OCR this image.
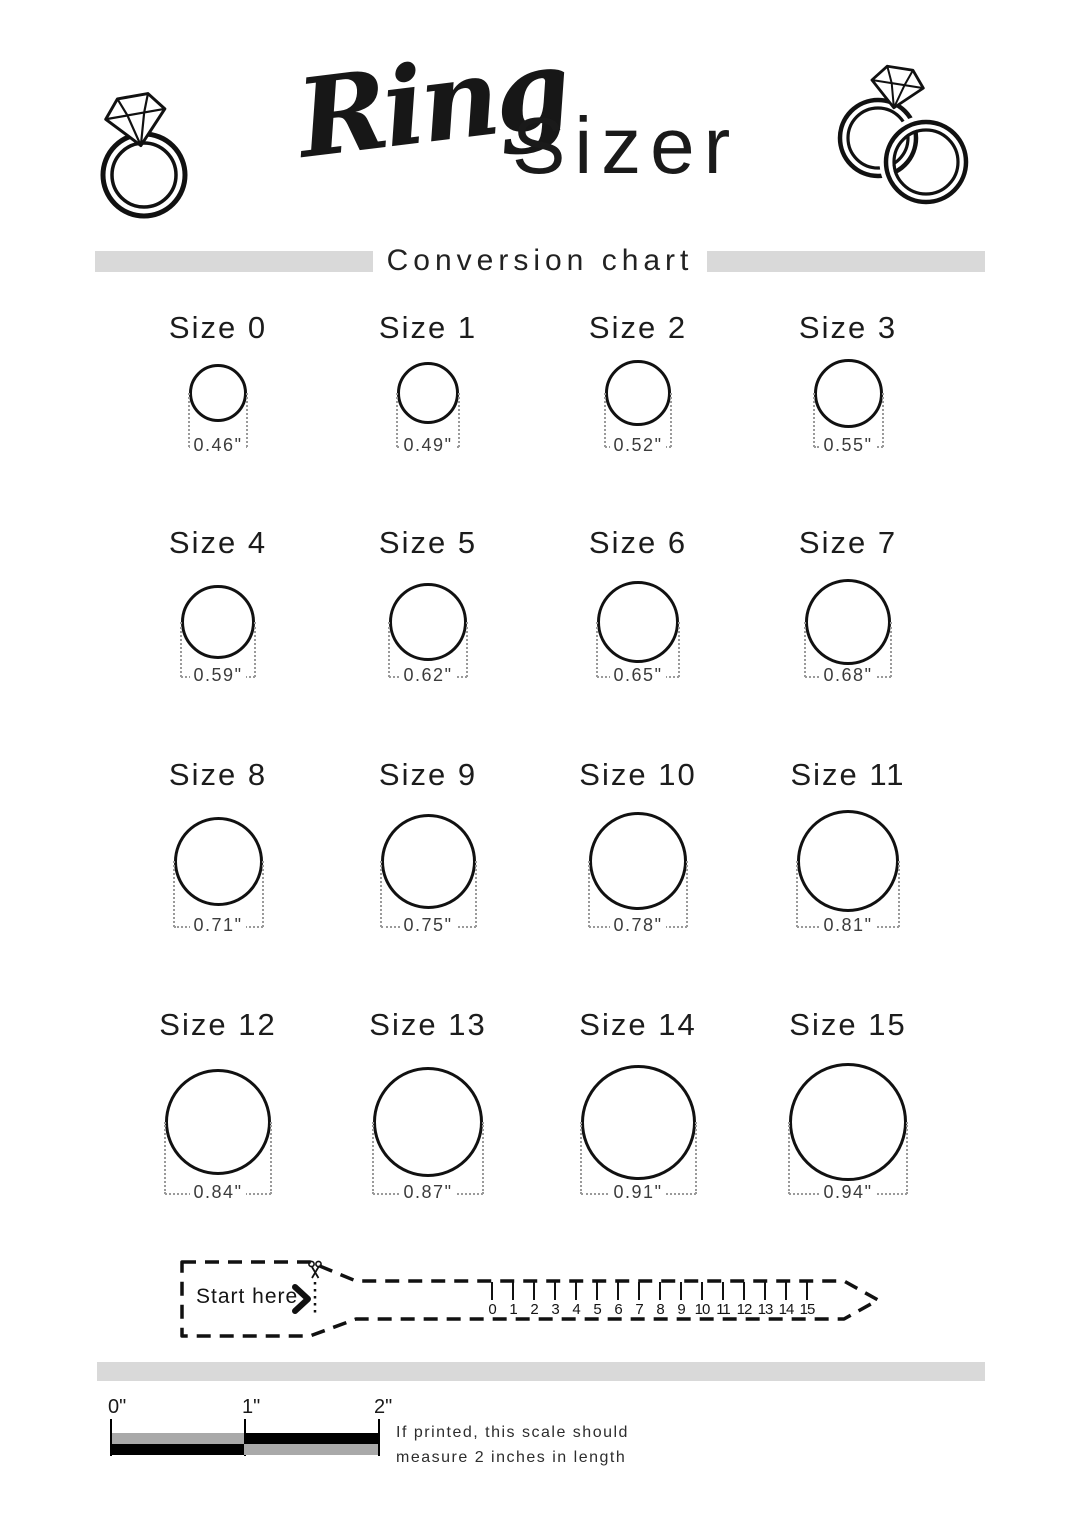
Ring
Sizer
Conversion chart
Size 0
0.46"
Size 1
0.49"
Size 2
0.52"
Size 3
0.55"
Size 4
0.59"
Size 5
0.62"
Size 6
0.65"
Size 7
0.68"
Size 8
0.71"
Size 9
0.75"
Size 10
0.78"
Size 11
0.81"
Size 12
0.84"
Size 13
0.87"
Size 14
0.91"
Size 15
0.94"
Start here
0 1 2 3 4 5 6 7 8 9 10 11 12 13 14 15
0"	1"	2"
If printed, this scale should
measure 2 inches in length
